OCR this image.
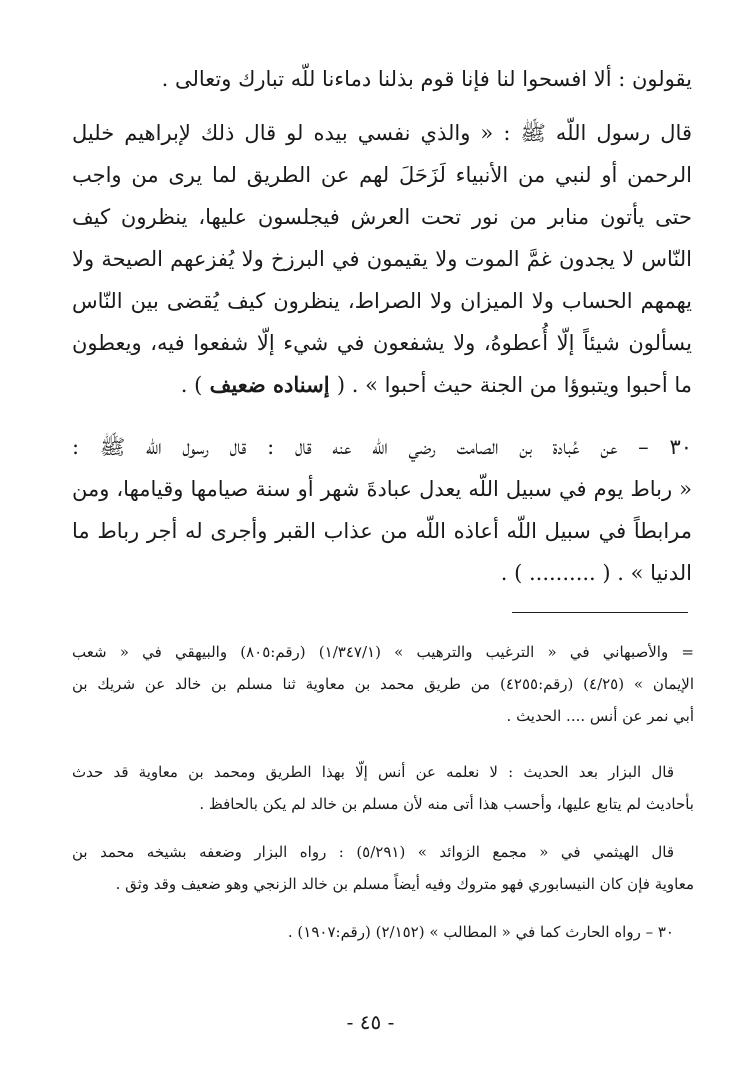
يقولون : ألا افسحوا لنا فإنا قوم بذلنا دماءنا للّه تبارك وتعالى .
قال رسول اللّه ﷺ : « والذي نفسي بيده لو قال ذلك لإبراهيم خليل
الرحمن أو لنبي من الأنبياء لَزَحَلَ لهم عن الطريق لما يرى من واجب
حتى يأتون منابر من نور تحت العرش فيجلسون عليها، ينظرون كيف
النّاس لا يجدون غمَّ الموت ولا يقيمون في البرزخ ولا يُفزعهم الصيحة ولا
يهمهم الحساب ولا الميزان ولا الصراط، ينظرون كيف يُقضى بين النّاس
يسألون شيئاً إلّا أُعطوهُ، ولا يشفعون في شيء إلّا شفعوا فيه، ويعطون
ما أحبوا ويتبوؤا من الجنة حيث أحبوا » . ( إسناده ضعيف ) .
٣٠ – عن عُبادة بن الصامت رضي اللّه عنه قال : قال رسول اللّه ﷺ :
« رباط يوم في سبيل اللّه يعدل عبادةَ شهر أو سنة صيامها وقيامها، ومن
مرابطاً في سبيل اللّه أعاذه اللّه من عذاب القبر وأجرى له أجر رباط ما
الدنيا » . ( .......... ) .
= والأصبهاني في « الترغيب والترهيب » (١/٣٤٧/١) (رقم:٨٠٥) والبيهقي في « شعب
الإيمان » (٤/٢٥) (رقم:٤٢٥٥) من طريق محمد بن معاوية ثنا مسلم بن خالد عن شريك بن
أبي نمر عن أنس .... الحديث .
قال البزار بعد الحديث : لا نعلمه عن أنس إلّا بهذا الطريق ومحمد بن معاوية قد حدث
بأحاديث لم يتابع عليها، وأحسب هذا أتى منه لأن مسلم بن خالد لم يكن بالحافظ .
قال الهيثمي في « مجمع الزوائد » (٥/٢٩١) : رواه البزار وضعفه بشيخه محمد بن
معاوية فإن كان النيسابوري فهو متروك وفيه أيضاً مسلم بن خالد الزنجي وهو ضعيف وقد وثق .
٣٠ – رواه الحارث كما في « المطالب » (٢/١٥٢) (رقم:١٩٠٧) .
- ٤٥ -
